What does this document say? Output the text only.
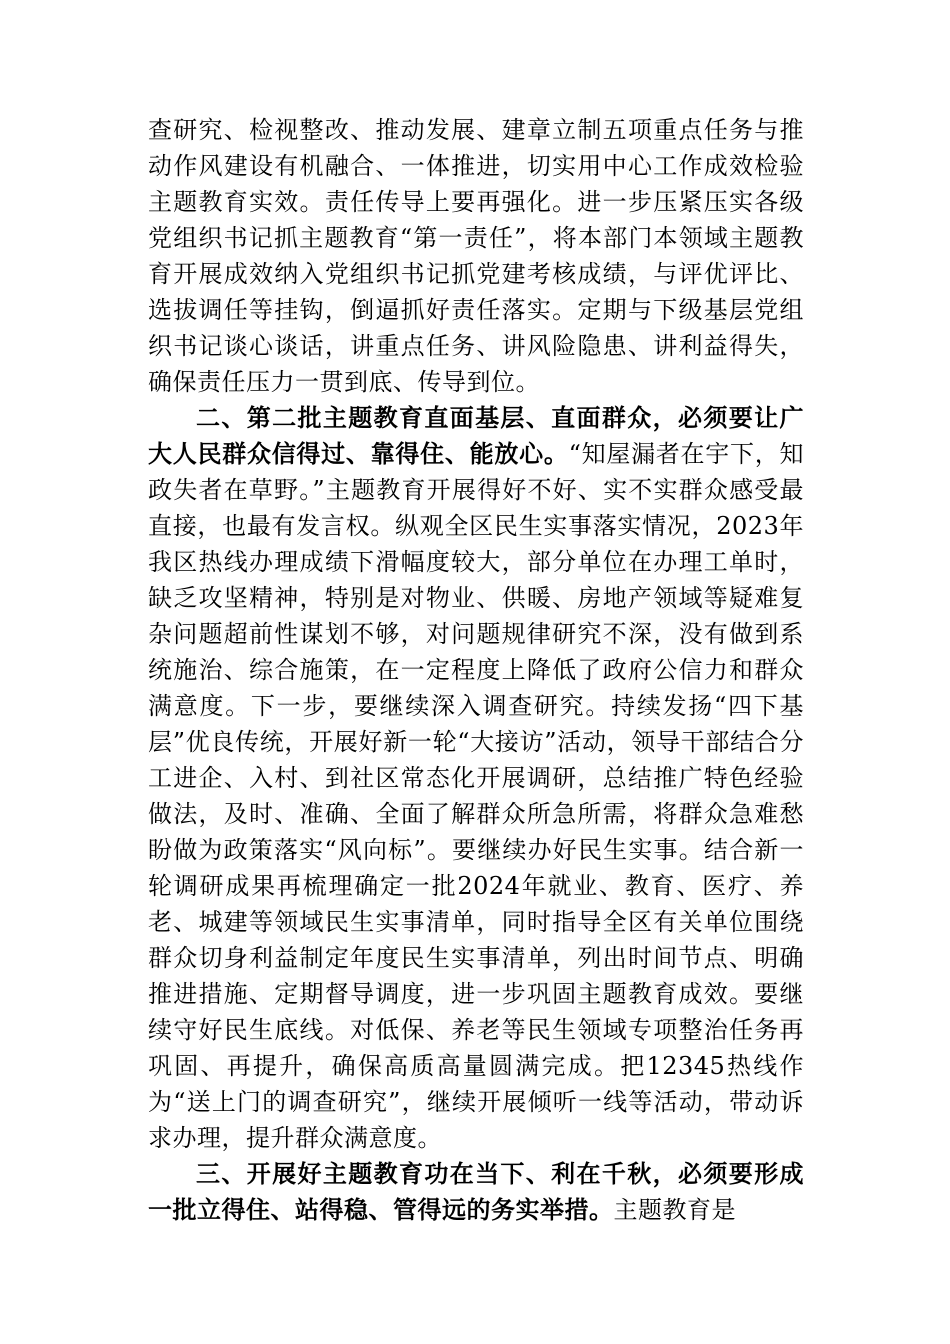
查研究、检视整改、推动发展、建章立制五项重点任务与推动作风建设有机融合、一体推进，切实用中心工作成效检验主题教育实效。责任传导上要再强化。进一步压紧压实各级党组织书记抓主题教育“第一责任”，将本部门本领域主题教育开展成效纳入党组织书记抓党建考核成绩，与评优评比、选拔调任等挂钩，倒逼抓好责任落实。定期与下级基层党组织书记谈心谈话，讲重点任务、讲风险隐患、讲利益得失，确保责任压力一贯到底、传导到位。

二、第二批主题教育直面基层、直面群众，必须要让广大人民群众信得过、靠得住、能放心。“知屋漏者在宇下，知政失者在草野。”主题教育开展得好不好、实不实群众感受最直接，也最有发言权。纵观全区民生实事落实情况，2023年我区热线办理成绩下滑幅度较大，部分单位在办理工单时，缺乏攻坚精神，特别是对物业、供暖、房地产领域等疑难复杂问题超前性谋划不够，对问题规律研究不深，没有做到系统施治、综合施策，在一定程度上降低了政府公信力和群众满意度。下一步，要继续深入调查研究。持续发扬“四下基层”优良传统，开展好新一轮“大接访”活动，领导干部结合分工进企、入村、到社区常态化开展调研，总结推广特色经验做法，及时、准确、全面了解群众所急所需，将群众急难愁盼做为政策落实“风向标”。要继续办好民生实事。结合新一轮调研成果再梳理确定一批2024年就业、教育、医疗、养老、城建等领域民生实事清单，同时指导全区有关单位围绕群众切身利益制定年度民生实事清单，列出时间节点、明确推进措施、定期督导调度，进一步巩固主题教育成效。要继续守好民生底线。对低保、养老等民生领域专项整治任务再巩固、再提升，确保高质高量圆满完成。把12345热线作为“送上门的调查研究”，继续开展倾听一线等活动，带动诉求办理，提升群众满意度。

三、开展好主题教育功在当下、利在千秋，必须要形成一批立得住、站得稳、管得远的务实举措。主题教育是
